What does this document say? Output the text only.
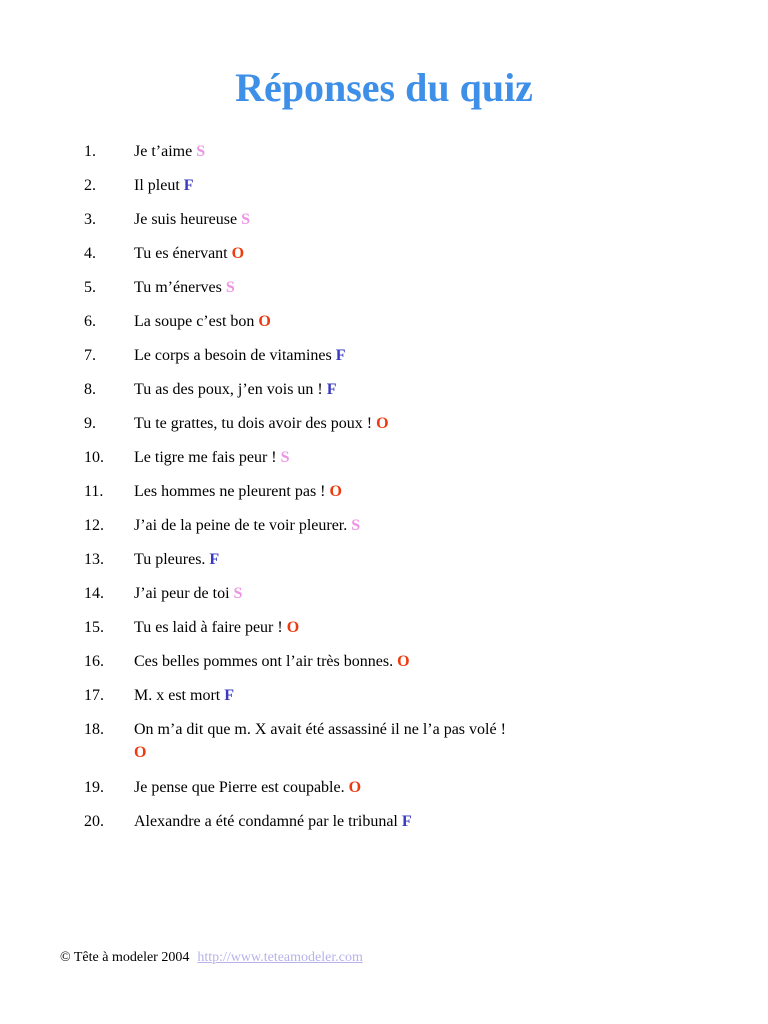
Réponses du quiz
1. Je t’aime S
2. Il pleut F
3. Je suis heureuse S
4. Tu es énervant O
5. Tu m’énerves S
6. La soupe c’est bon O
7. Le corps a besoin de vitamines F
8. Tu as des poux, j’en vois un ! F
9. Tu te grattes, tu dois avoir des poux ! O
10. Le tigre me fais peur ! S
11. Les hommes ne pleurent pas ! O
12. J’ai de la peine de te voir pleurer. S
13. Tu pleures. F
14. J’ai peur de toi S
15. Tu es laid à faire peur ! O
16. Ces belles pommes ont l’air très bonnes. O
17. M. x est mort F
18. On m’a dit que m. X avait été assassiné il ne l’a pas volé ! O
19. Je pense que Pierre est coupable. O
20. Alexandre a été condamné par le tribunal F
© Tête à modeler 2004 http://www.teteamodeler.com
